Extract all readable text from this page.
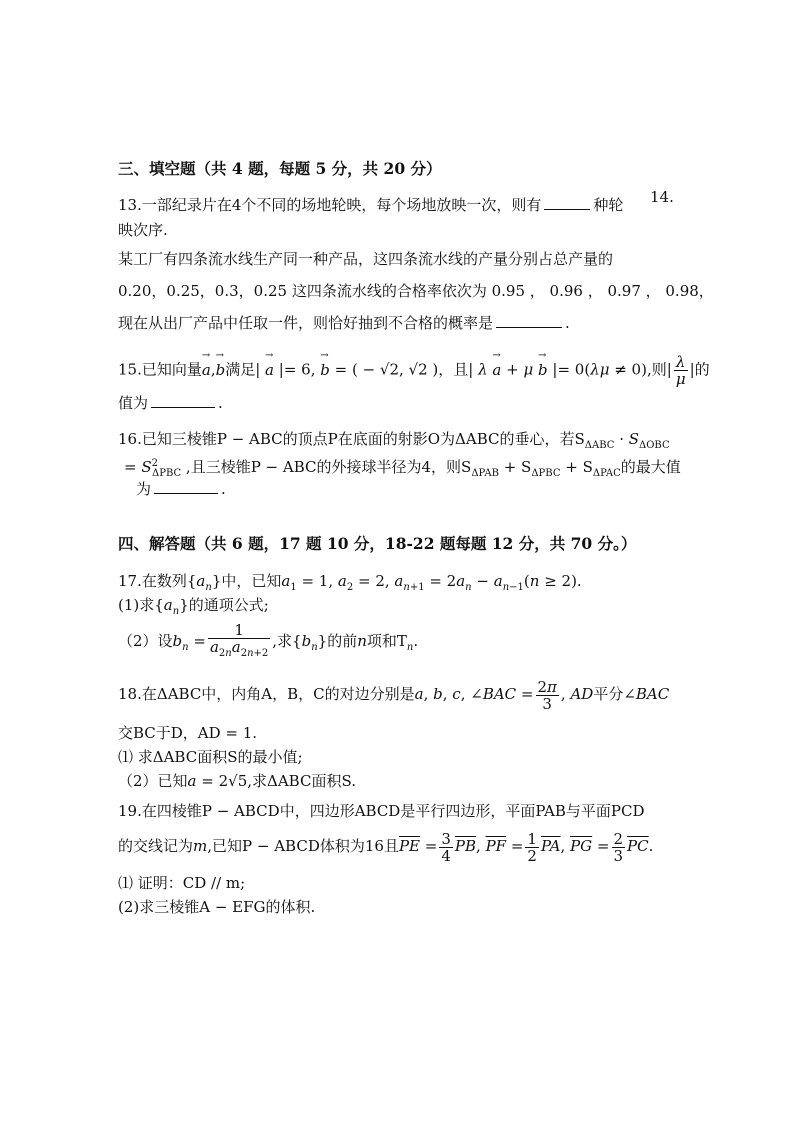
三、填空题（共 4 题，每题 5 分，共 20 分）
13.一部纪录片在4个不同的场地轮映，每个场地放映一次，则有	种轮	14.
映次序.
某工厂有四条流水线生产同一种产品，这四条流水线的产量分别占总产量的
0.20，0.25，0.3，0.25 这四条流水线的合格率依次为 0.95 ， 0.96 ， 0.97 ， 0.98，
现在从出厂产品中任取一件，则恰好抽到不合格的概率是	.
15.已知向量→ a,→ b满足| → a |= 6, → b = ( − √2, √2 )，且| λ → a + μ → b |= 0(λμ ≠ 0),则| $\frac{\lambda}{\mu}$ |的
值为	.
16.已知三棱锥P − ABC的顶点P在底面的射影O为ΔABC的垂心，若$S_{\Delta ABC} \cdot S_{\Delta OBC}$
= $S^2_{\Delta PBC}$ ,且三棱锥P − ABC的外接球半径为4，则$S_{\Delta PAB} + S_{\Delta PBC} + S_{\Delta PAC}$的最大值
为	.
四、解答题（共 6 题，17 题 10 分，18-22 题每题 12 分，共 70 分。）
17.在数列$\{a_n\}$中，已知$a_1 = 1$, $a_2 = 2$, $a_{n+1} = 2a_n - a_{n-1}(n \ge 2)$.
(1)求$\{a_n\}$的通项公式;
（2）设$b_n = \frac{1}{a_{2n}a_{2n+2}}$ ,求$\{b_n\}$的前n项和$T_n$.
18.在ΔABC中，内角A，B，C的对边分别是a, b, c, ∠BAC = $\frac{2\pi}{3}$ , AD平分∠BAC
交BC于D，AD = 1.
⑴ 求ΔABC面积S的最小值;
（2）已知a = 2√5,求ΔABC面积S.
19.在四棱锥P − ABCD中，四边形ABCD是平行四边形，平面PAB与平面PCD
的交线记为m,已知P − ABCD体积为16且$\overline{PE} = \frac{3}{4} \overline{PB}$, $\overline{PF} = \frac{1}{2} \overline{PA}$, $\overline{PG} = \frac{2}{3} \overline{PC}$.
⑴ 证明：CD // m;
(2)求三棱锥A − EFG的体积.
